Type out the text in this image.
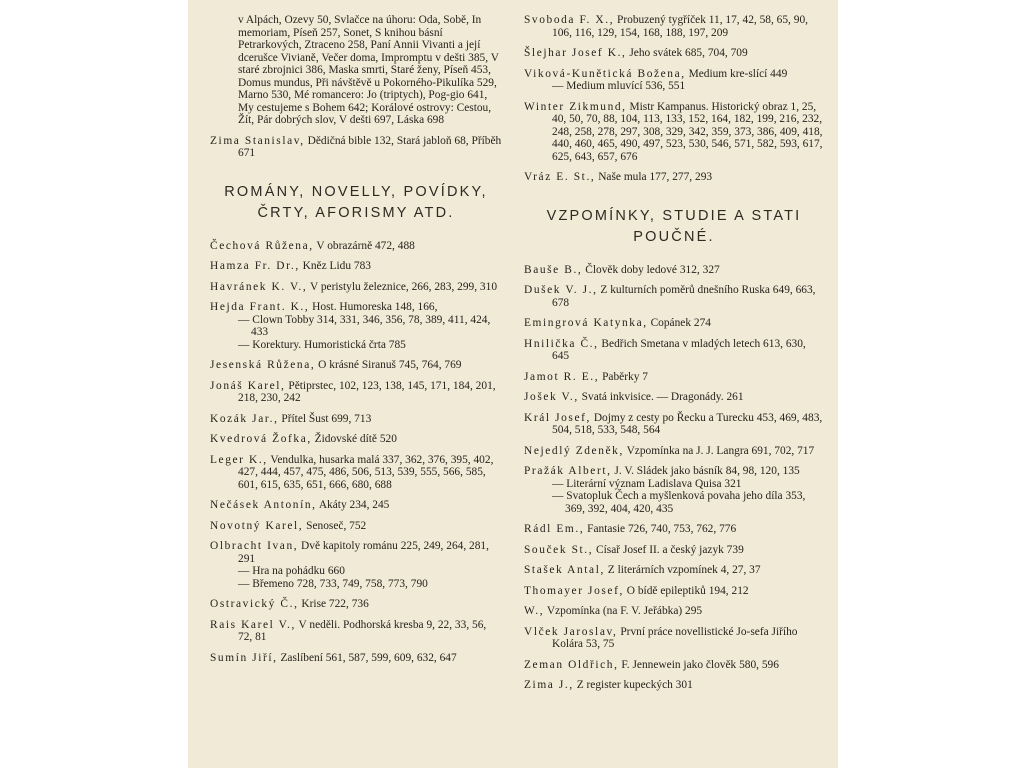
v Alpách, Ozevy 50, Svlačce na úhoru: Oda, Sobě, In memoriam, Píseň 257, Sonet, S knihou básní Petrarkových, Ztraceno 258, Paní Annii Vivanti a její dcerušce Vivianě, Večer doma, Impromptu v dešti 385, V staré zbrojnici 386, Maska smrti, Staré ženy, Píseň 453, Domus mundus, Při návštěvě u Pokorného-Pikulíka 529, Marno 530, Mé romancero: Jo (triptych), Pog-gio 641, My cestujeme s Bohem 642; Korálové ostrovy: Cestou, Žít, Pár dobrých slov, V dešti 697, Láska 698
Zima Stanislav, Dědičná bible 132, Stará jabloň 68, Příběh 671
ROMÁNY, NOVELLY, POVÍDKY,
ČRTY, AFORISMY ATD.
Čechová Růžena, V obrazárně 472, 488
Hamza Fr. Dr., Kněz Lidu 783
Havránek K. V., V peristylu železnice, 266, 283, 299, 310
Hejda Frant. K., Host. Humoreska 148, 166,
— Clown Tobby 314, 331, 346, 356, 78, 389, 411, 424, 433
— Korektury. Humoristická črta 785
Jesenská Růžena, O krásné Siranuš 745, 764, 769
Jonáš Karel, Pětiprstec, 102, 123, 138, 145, 171, 184, 201, 218, 230, 242
Kozák Jar., Přítel Šust 699, 713
Kvedrová Žofka, Židovské dítě 520
Leger K., Vendulka, husarka malá 337, 362, 376, 395, 402, 427, 444, 457, 475, 486, 506, 513, 539, 555, 566, 585, 601, 615, 635, 651, 666, 680, 688
Nečásek Antonín, Akáty 234, 245
Novotný Karel, Senoseč, 752
Olbracht Ivan, Dvě kapitoly románu 225, 249, 264, 281, 291
— Hra na pohádku 660
— Břemeno 728, 733, 749, 758, 773, 790
Ostravický Č., Krise 722, 736
Rais Karel V., V neděli. Podhorská kresba 9, 22, 33, 56, 72, 81
Sumín Jiří, Zaslíbení 561, 587, 599, 609, 632, 647
Svoboda F. X., Probuzený tygříček 11, 17, 42, 58, 65, 90, 106, 116, 129, 154, 168, 188, 197, 209
Šlejhar Josef K., Jeho svátek 685, 704, 709
Viková-Kunětická Božena, Medium kre-slící 449
— Medium mluvící 536, 551
Winter Zikmund, Mistr Kampanus. Historický obraz 1, 25, 40, 50, 70, 88, 104, 113, 133, 152, 164, 182, 199, 216, 232, 248, 258, 278, 297, 308, 329, 342, 359, 373, 386, 409, 418, 440, 460, 465, 490, 497, 523, 530, 546, 571, 582, 593, 617, 625, 643, 657, 676
Vráz E. St., Naše mula 177, 277, 293
VZPOMÍNKY, STUDIE A STATI
POUČNÉ.
Bauše B., Člověk doby ledové 312, 327
Dušek V. J., Z kulturních poměrů dnešního Ruska 649, 663, 678
Emingrová Katynka, Copánek 274
Hnilička Č., Bedřich Smetana v mladých letech 613, 630, 645
Jamot R. E., Paběrky 7
Jošek V., Svatá inkvisice. — Dragonády. 261
Král Josef, Dojmy z cesty po Řecku a Turecku 453, 469, 483, 504, 518, 533, 548, 564
Nejedlý Zdeněk, Vzpomínka na J. J. Langra 691, 702, 717
Pražák Albert, J. V. Sládek jako básník 84, 98, 120, 135
— Literární význam Ladislava Quisa 321
— Svatopluk Čech a myšlenková povaha jeho díla 353, 369, 392, 404, 420, 435
Rádl Em., Fantasie 726, 740, 753, 762, 776
Souček St., Císař Josef II. a český jazyk 739
Stašek Antal, Z literárních vzpomínek 4, 27, 37
Thomayer Josef, O bídě epileptiků 194, 212
W., Vzpomínka (na F. V. Jeřábka) 295
Vlček Jaroslav, První práce novellistické Jo-sefa Jiřího Kolára 53, 75
Zeman Oldřich, F. Jennewein jako člověk 580, 596
Zima J., Z register kupeckých 301
